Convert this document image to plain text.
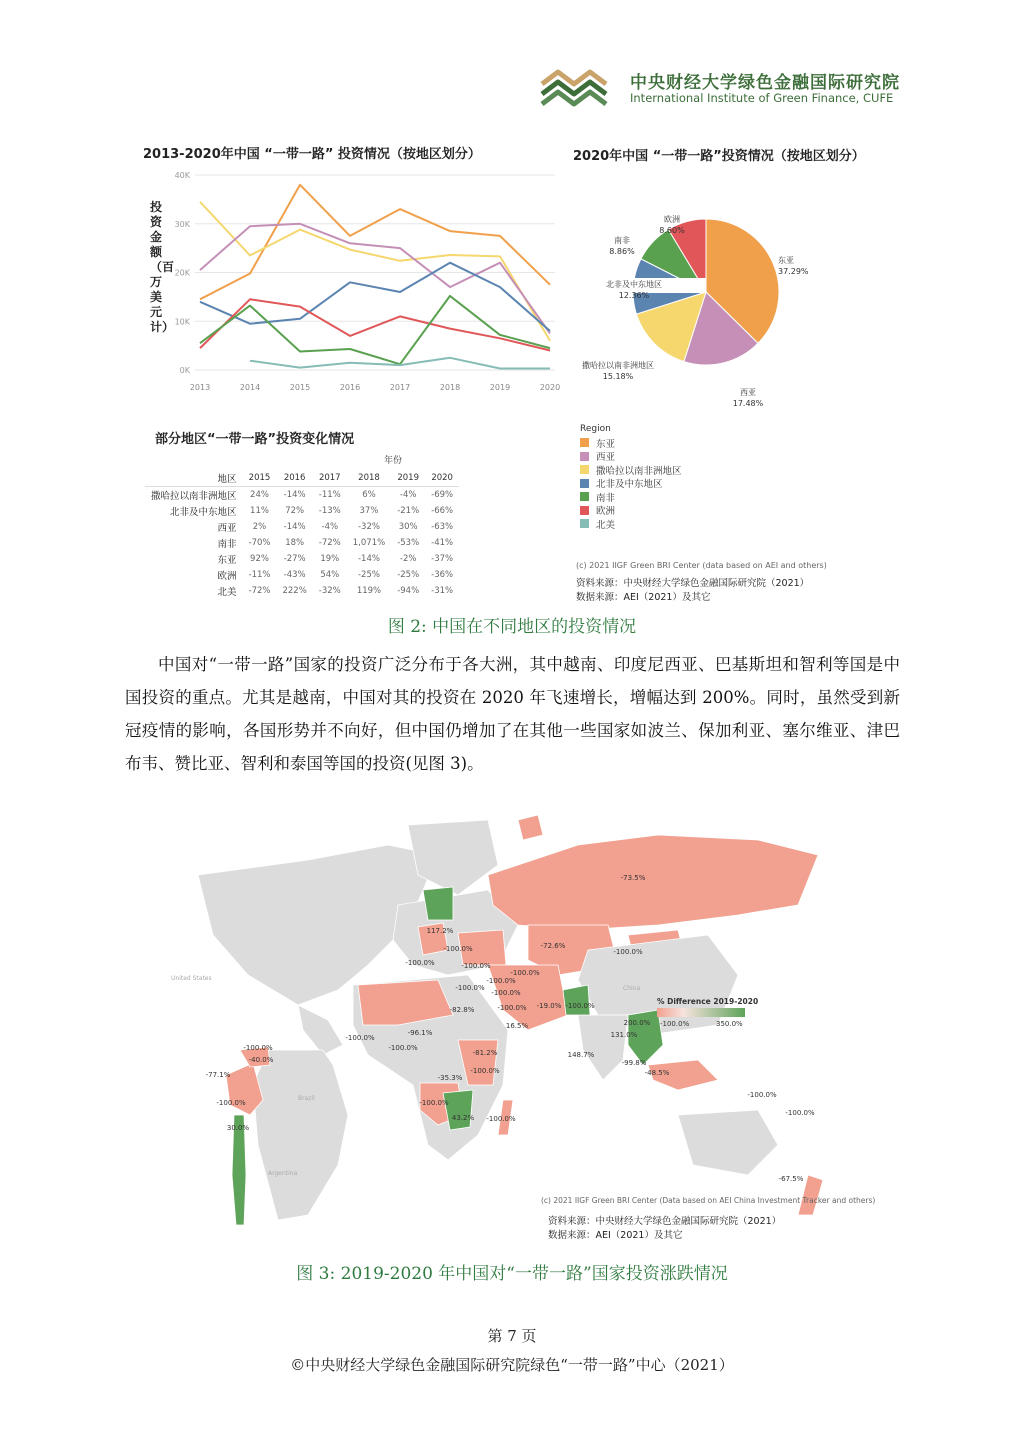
中央财经大学绿色金融国际研究院
International Institute of Green Finance, CUFE
2013-2020年中国 “一带一路” 投资情况（按地区划分）
投资金额（百万美元计）
0K
10K
20K
30K
40K
2013	2014	2015	2016	2017	2018	2019	2020
2020年中国 “一带一路”投资情况（按地区划分）
东亚
37.29%
西亚
17.48%
撒哈拉以南非洲地区
15.18%
北非及中东地区
12.36%
南非
8.86%
欧洲
8.60%
部分地区“一带一路”投资变化情况
年份
地区	2015	2016	2017	2018	2019	2020
撒哈拉以南非洲地区	24%	-14%	-11%	6%	-4%	-69%
北非及中东地区	11%	72%	-13%	37%	-21%	-66%
西亚	2%	-14%	-4%	-32%	30%	-63%
南非	-70%	18%	-72%	1,071%	-53%	-41%
东亚	92%	-27%	19%	-14%	-2%	-37%
欧洲	-11%	-43%	54%	-25%	-25%	-36%
北美	-72%	222%	-32%	119%	-94%	-31%
Region
东亚
西亚
撒哈拉以南非洲地区
北非及中东地区
南非
欧洲
北美
(c) 2021 IIGF Green BRI Center (data based on AEI and others)
资料来源：中央财经大学绿色金融国际研究院（2021）
数据来源：AEI（2021）及其它
图 2: 中国在不同地区的投资情况

中国对“一带一路”国家的投资广泛分布于各大洲，其中越南、印度尼西亚、巴基斯坦和智利等国是中国投资的重点。尤其是越南，中国对其的投资在 2020 年飞速增长，增幅达到 200%。同时，虽然受到新冠疫情的影响，各国形势并不向好，但中国仍增加了在其他一些国家如波兰、保加利亚、塞尔维亚、津巴布韦、赞比亚、智利和泰国等国的投资(见图 3)。

-73.5%
117.2%
-100.0%	-72.6%
-100.0%
-100.0%	-100.0%
-100.0%
-100.0%
-100.0%
-100.0%
-19.0% -100.0%
-82.8%	-100.0%
16.5%
-96.1%
-100.0%
-100.0%
200.0%
131.0%
-81.2%	148.7%
-100.0%
-99.8%
-35.3%
-48.5%
-100.0%
-40.0%
-100.0%
-77.1%
-100.0%
-100.0%
43.2% -100.0%
30.0%
-100.0%
-67.5%
United States
Brazil
Argentina
China
% Difference 2019-2020
-100.0%	350.0%
(c) 2021 IIGF Green BRI Center (Data based on AEI China Investment Tracker and others)
资料来源：中央财经大学绿色金融国际研究院（2021）
数据来源：AEI（2021）及其它
图 3: 2019-2020 年中国对“一带一路”国家投资涨跌情况
第 7 页
©中央财经大学绿色金融国际研究院绿色“一带一路”中心（2021）
